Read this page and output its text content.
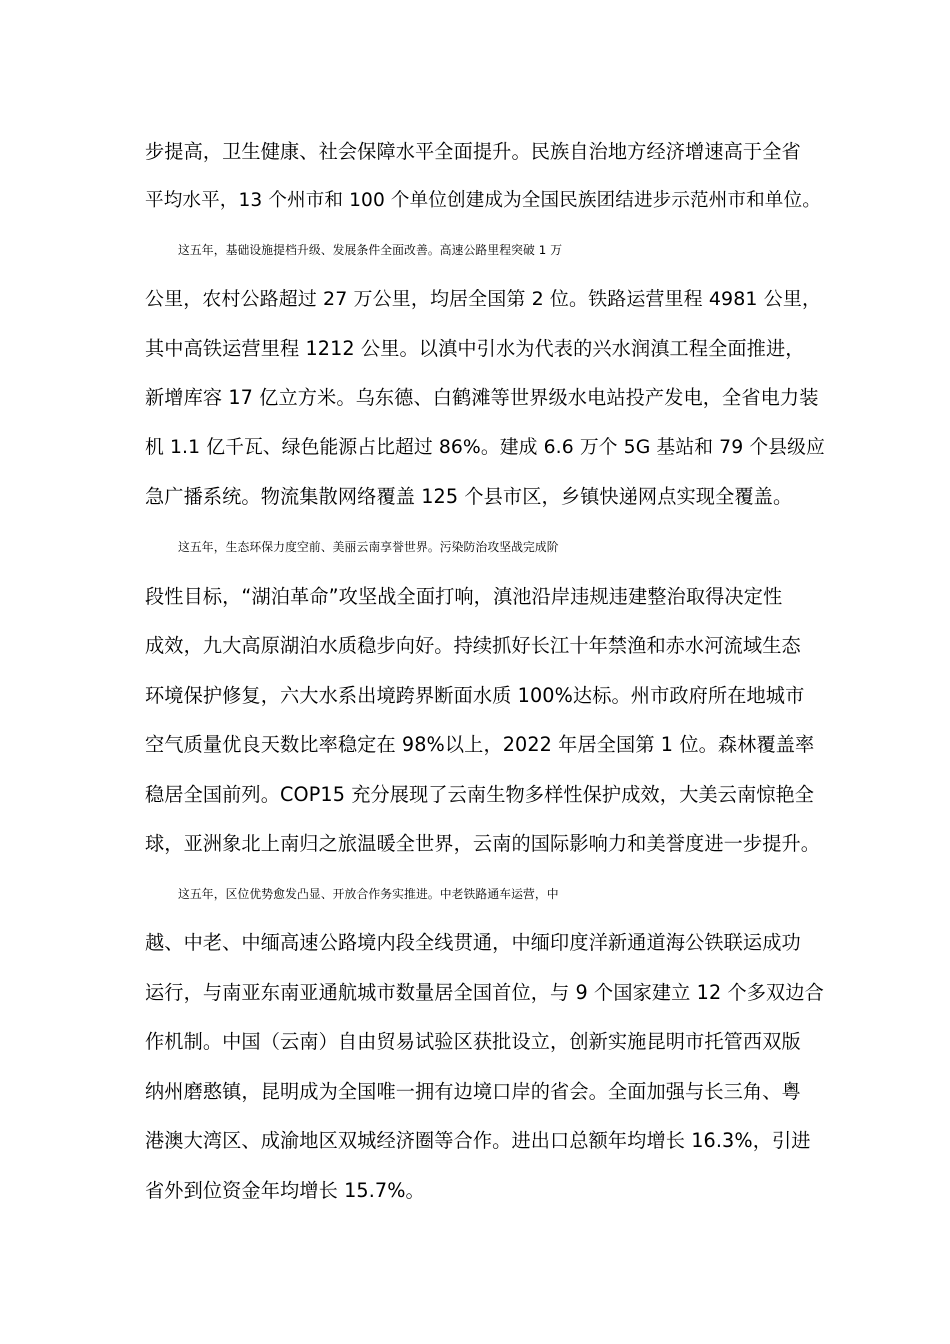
步提高，卫生健康、社会保障水平全面提升。民族自治地方经济增速高于全省
平均水平，13 个州市和 100 个单位创建成为全国民族团结进步示范州市和单位。
这五年，基础设施提档升级、发展条件全面改善。高速公路里程突破 1 万
公里，农村公路超过 27 万公里，均居全国第 2 位。铁路运营里程 4981 公里，
其中高铁运营里程 1212 公里。以滇中引水为代表的兴水润滇工程全面推进，
新增库容 17 亿立方米。乌东德、白鹤滩等世界级水电站投产发电，全省电力装
机 1.1 亿千瓦、绿色能源占比超过 86%。建成 6.6 万个 5G 基站和 79 个县级应
急广播系统。物流集散网络覆盖 125 个县市区，乡镇快递网点实现全覆盖。
这五年，生态环保力度空前、美丽云南享誉世界。污染防治攻坚战完成阶
段性目标，“湖泊革命”攻坚战全面打响，滇池沿岸违规违建整治取得决定性
成效，九大高原湖泊水质稳步向好。持续抓好长江十年禁渔和赤水河流域生态
环境保护修复，六大水系出境跨界断面水质 100%达标。州市政府所在地城市
空气质量优良天数比率稳定在 98%以上，2022 年居全国第 1 位。森林覆盖率
稳居全国前列。COP15 充分展现了云南生物多样性保护成效，大美云南惊艳全
球，亚洲象北上南归之旅温暖全世界，云南的国际影响力和美誉度进一步提升。
这五年，区位优势愈发凸显、开放合作务实推进。中老铁路通车运营，中
越、中老、中缅高速公路境内段全线贯通，中缅印度洋新通道海公铁联运成功
运行，与南亚东南亚通航城市数量居全国首位，与 9 个国家建立 12 个多双边合
作机制。中国（云南）自由贸易试验区获批设立，创新实施昆明市托管西双版
纳州磨憨镇，昆明成为全国唯一拥有边境口岸的省会。全面加强与长三角、粤
港澳大湾区、成渝地区双城经济圈等合作。进出口总额年均增长 16.3%，引进
省外到位资金年均增长 15.7%。
